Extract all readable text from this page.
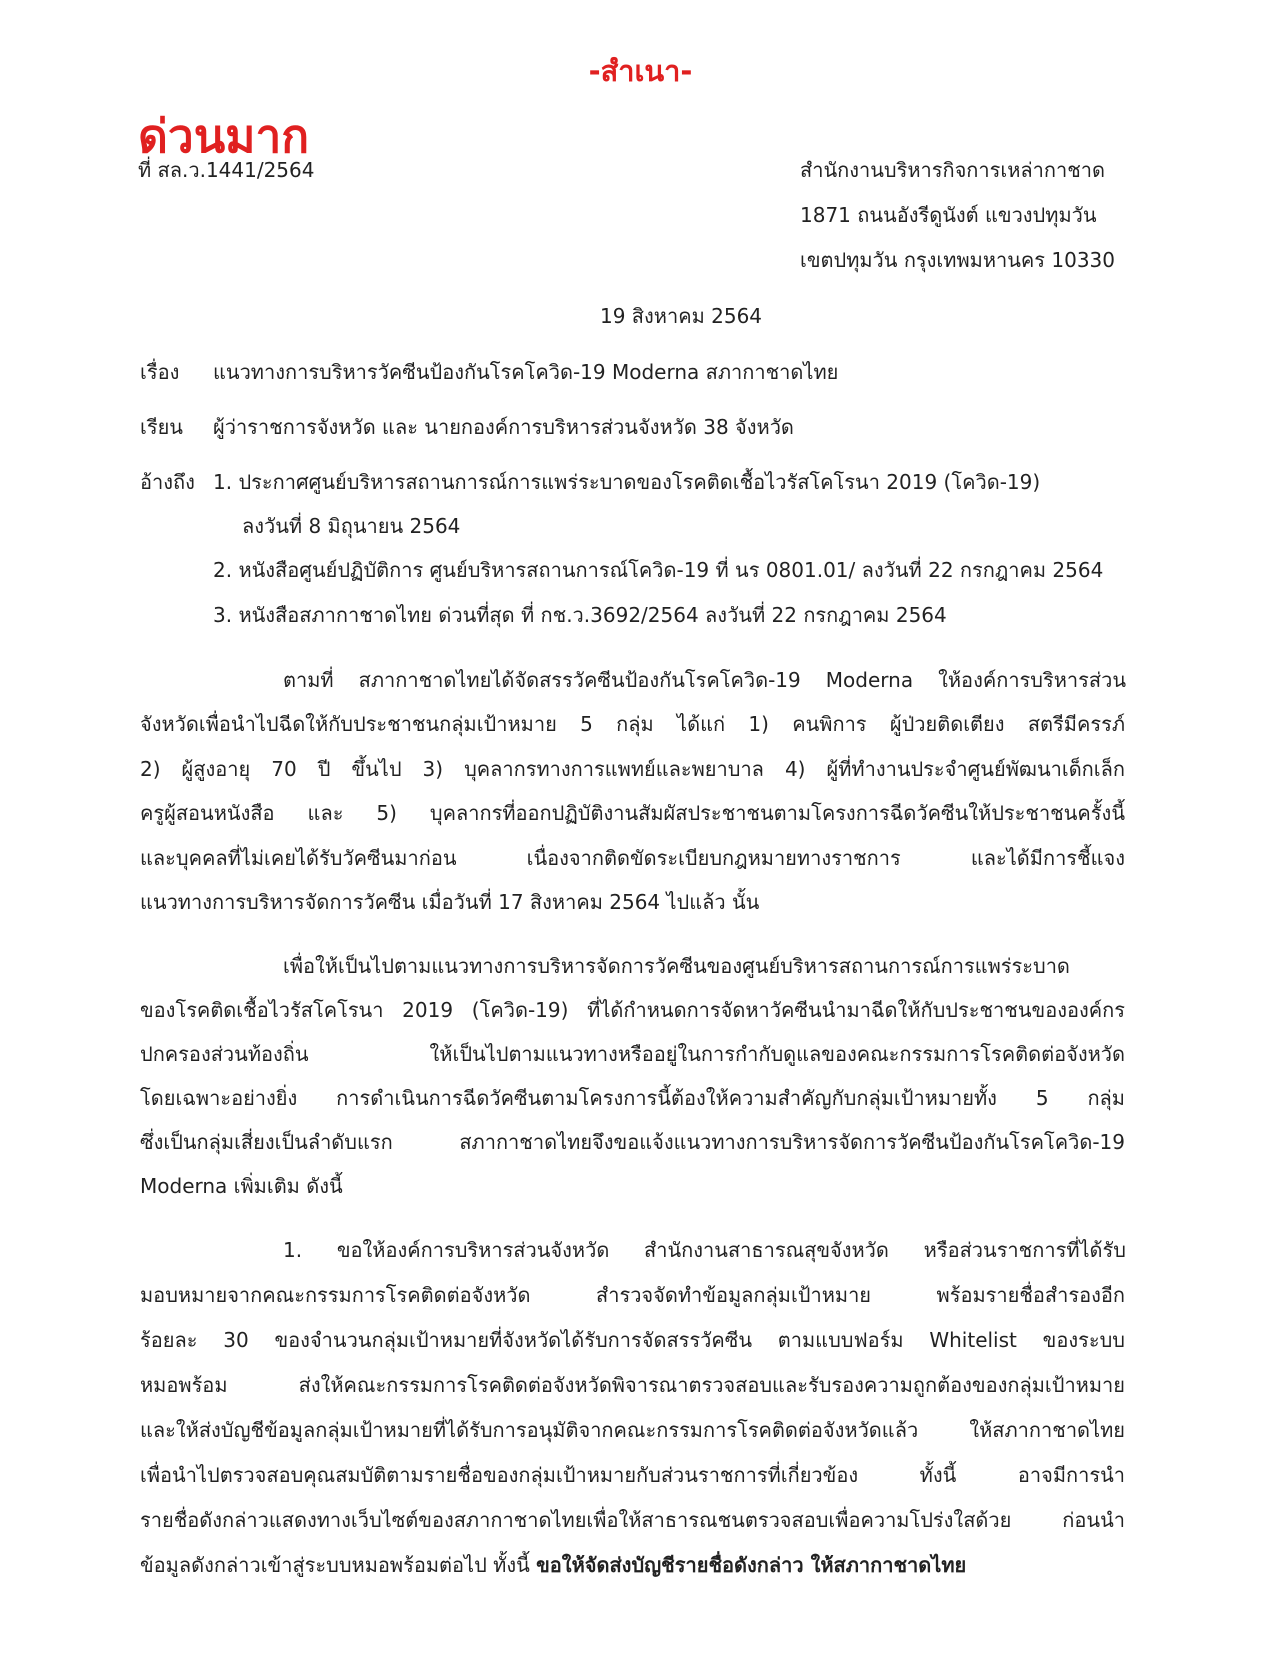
-สำเนา-
ด่วนมาก
ที่ สล.ว.1441/2564	สำนักงานบริหารกิจการเหล่ากาชาด
1871 ถนนอังรีดูนังต์ แขวงปทุมวัน
เขตปทุมวัน กรุงเทพมหานคร 10330
19 สิงหาคม 2564
เรื่อง แนวทางการบริหารวัคซีนป้องกันโรคโควิด-19 Moderna สภากาชาดไทย
เรียน ผู้ว่าราชการจังหวัด และ นายกองค์การบริหารส่วนจังหวัด 38 จังหวัด
อ้างถึง 1. ประกาศศูนย์บริหารสถานการณ์การแพร่ระบาดของโรคติดเชื้อไวรัสโคโรนา 2019 (โควิด-19)
ลงวันที่ 8 มิถุนายน 2564
2. หนังสือศูนย์ปฏิบัติการ ศูนย์บริหารสถานการณ์โควิด-19 ที่ นร 0801.01/ ลงวันที่ 22 กรกฎาคม 2564
3. หนังสือสภากาชาดไทย ด่วนที่สุด ที่ กช.ว.3692/2564 ลงวันที่ 22 กรกฎาคม 2564
ตามที่ สภากาชาดไทยได้จัดสรรวัคซีนป้องกันโรคโควิด-19 Moderna ให้องค์การบริหารส่วน
จังหวัดเพื่อนำไปฉีดให้กับประชาชนกลุ่มเป้าหมาย 5 กลุ่ม ได้แก่ 1) คนพิการ ผู้ป่วยติดเตียง สตรีมีครรภ์
2) ผู้สูงอายุ 70 ปี ขึ้นไป 3) บุคลากรทางการแพทย์และพยาบาล 4) ผู้ที่ทำงานประจำศูนย์พัฒนาเด็กเล็ก
ครูผู้สอนหนังสือ และ 5) บุคลากรที่ออกปฏิบัติงานสัมผัสประชาชนตามโครงการฉีดวัคซีนให้ประชาชนครั้งนี้
และบุคคลที่ไม่เคยได้รับวัคซีนมาก่อน เนื่องจากติดขัดระเบียบกฎหมายทางราชการ และได้มีการชี้แจง
แนวทางการบริหารจัดการวัคซีน เมื่อวันที่ 17 สิงหาคม 2564 ไปแล้ว นั้น
เพื่อให้เป็นไปตามแนวทางการบริหารจัดการวัคซีนของศูนย์บริหารสถานการณ์การแพร่ระบาด
ของโรคติดเชื้อไวรัสโคโรนา 2019 (โควิด-19) ที่ได้กำหนดการจัดหาวัคซีนนำมาฉีดให้กับประชาชนขององค์กร
ปกครองส่วนท้องถิ่น ให้เป็นไปตามแนวทางหรืออยู่ในการกำกับดูแลของคณะกรรมการโรคติดต่อจังหวัด
โดยเฉพาะอย่างยิ่ง การดำเนินการฉีดวัคซีนตามโครงการนี้ต้องให้ความสำคัญกับกลุ่มเป้าหมายทั้ง 5 กลุ่ม
ซึ่งเป็นกลุ่มเสี่ยงเป็นลำดับแรก สภากาชาดไทยจึงขอแจ้งแนวทางการบริหารจัดการวัคซีนป้องกันโรคโควิด-19
Moderna เพิ่มเติม ดังนี้
1. ขอให้องค์การบริหารส่วนจังหวัด สำนักงานสาธารณสุขจังหวัด หรือส่วนราชการที่ได้รับ
มอบหมายจากคณะกรรมการโรคติดต่อจังหวัด สำรวจจัดทำข้อมูลกลุ่มเป้าหมาย พร้อมรายชื่อสำรองอีก
ร้อยละ 30 ของจำนวนกลุ่มเป้าหมายที่จังหวัดได้รับการจัดสรรวัคซีน ตามแบบฟอร์ม Whitelist ของระบบ
หมอพร้อม ส่งให้คณะกรรมการโรคติดต่อจังหวัดพิจารณาตรวจสอบและรับรองความถูกต้องของกลุ่มเป้าหมาย
และให้ส่งบัญชีข้อมูลกลุ่มเป้าหมายที่ได้รับการอนุมัติจากคณะกรรมการโรคติดต่อจังหวัดแล้ว ให้สภากาชาดไทย
เพื่อนำไปตรวจสอบคุณสมบัติตามรายชื่อของกลุ่มเป้าหมายกับส่วนราชการที่เกี่ยวข้อง ทั้งนี้ อาจมีการนำ
รายชื่อดังกล่าวแสดงทางเว็บไซต์ของสภากาชาดไทยเพื่อให้สาธารณชนตรวจสอบเพื่อความโปร่งใสด้วย ก่อนนำ
ข้อมูลดังกล่าวเข้าสู่ระบบหมอพร้อมต่อไป ทั้งนี้ ขอให้จัดส่งบัญชีรายชื่อดังกล่าว ให้สภากาชาดไทย
